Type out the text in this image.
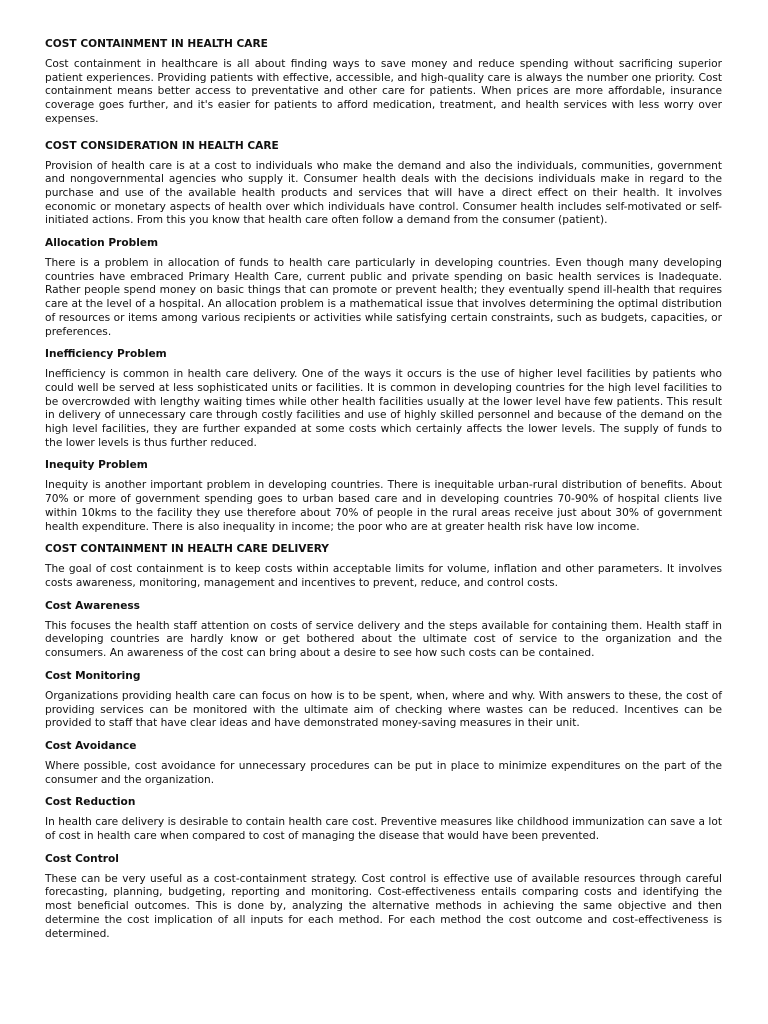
COST CONTAINMENT IN HEALTH CARE

Cost containment in healthcare is all about finding ways to save money and reduce spending without sacrificing superior patient experiences. Providing patients with effective, accessible, and high-quality care is always the number one priority. Cost containment means better access to preventative and other care for patients. When prices are more affordable, insurance coverage goes further, and it's easier for patients to afford medication, treatment, and health services with less worry over expenses.

COST CONSIDERATION IN HEALTH CARE

Provision of health care is at a cost to individuals who make the demand and also the individuals, communities, government and nongovernmental agencies who supply it. Consumer health deals with the decisions individuals make in regard to the purchase and use of the available health products and services that will have a direct effect on their health. It involves economic or monetary aspects of health over which individuals have control. Consumer health includes self-motivated or self-initiated actions. From this you know that health care often follow a demand from the consumer (patient).

Allocation Problem

There is a problem in allocation of funds to health care particularly in developing countries. Even though many developing countries have embraced Primary Health Care, current public and private spending on basic health services is Inadequate. Rather people spend money on basic things that can promote or prevent health; they eventually spend ill-health that requires care at the level of a hospital. An allocation problem is a mathematical issue that involves determining the optimal distribution of resources or items among various recipients or activities while satisfying certain constraints, such as budgets, capacities, or preferences.

Inefficiency Problem

Inefficiency is common in health care delivery. One of the ways it occurs is the use of higher level facilities by patients who could well be served at less sophisticated units or facilities. It is common in developing countries for the high level facilities to be overcrowded with lengthy waiting times while other health facilities usually at the lower level have few patients. This result in delivery of unnecessary care through costly facilities and use of highly skilled personnel and because of the demand on the high level facilities, they are further expanded at some costs which certainly affects the lower levels. The supply of funds to the lower levels is thus further reduced.

Inequity Problem

Inequity is another important problem in developing countries. There is inequitable urban-rural distribution of benefits. About 70% or more of government spending goes to urban based care and in developing countries 70-90% of hospital clients live within 10kms to the facility they use therefore about 70% of people in the rural areas receive just about 30% of government health expenditure. There is also inequality in income; the poor who are at greater health risk have low income.

COST CONTAINMENT IN HEALTH CARE DELIVERY

The goal of cost containment is to keep costs within acceptable limits for volume, inflation and other parameters. It involves costs awareness, monitoring, management and incentives to prevent, reduce, and control costs.

Cost Awareness

This focuses the health staff attention on costs of service delivery and the steps available for containing them. Health staff in developing countries are hardly know or get bothered about the ultimate cost of service to the organization and the consumers. An awareness of the cost can bring about a desire to see how such costs can be contained.

Cost Monitoring

Organizations providing health care can focus on how is to be spent, when, where and why. With answers to these, the cost of providing services can be monitored with the ultimate aim of checking where wastes can be reduced. Incentives can be provided to staff that have clear ideas and have demonstrated money-saving measures in their unit.

Cost Avoidance

Where possible, cost avoidance for unnecessary procedures can be put in place to minimize expenditures on the part of the consumer and the organization.

Cost Reduction

In health care delivery is desirable to contain health care cost. Preventive measures like childhood immunization can save a lot of cost in health care when compared to cost of managing the disease that would have been prevented.

Cost Control

These can be very useful as a cost-containment strategy. Cost control is effective use of available resources through careful forecasting, planning, budgeting, reporting and monitoring. Cost-effectiveness entails comparing costs and identifying the most beneficial outcomes. This is done by, analyzing the alternative methods in achieving the same objective and then determine the cost implication of all inputs for each method. For each method the cost outcome and cost-effectiveness is determined.
